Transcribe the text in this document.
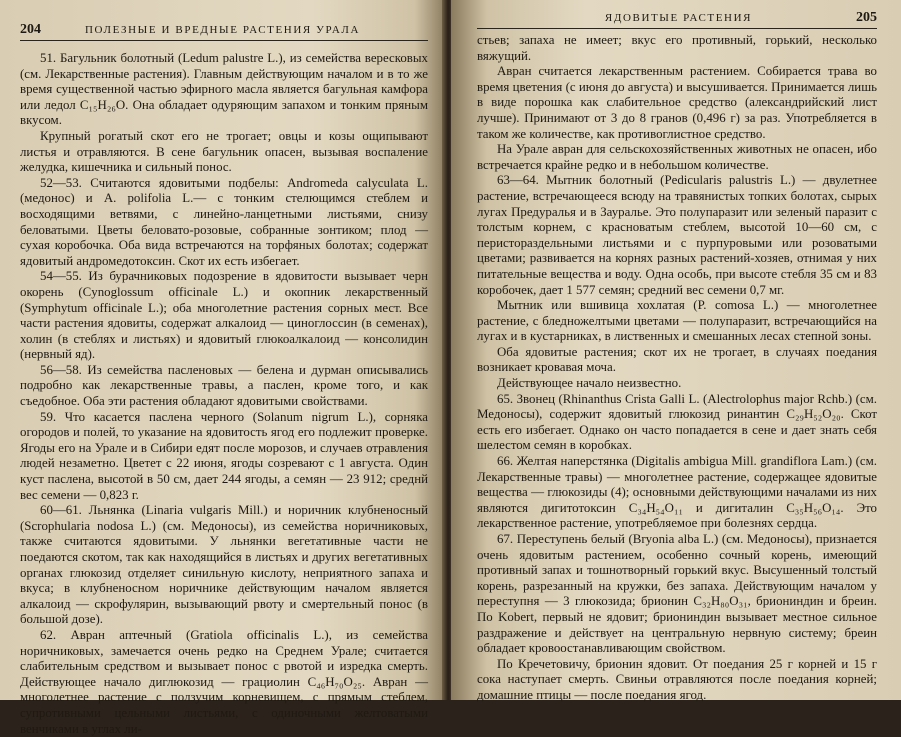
204	ПОЛЕЗНЫЕ И ВРЕДНЫЕ РАСТЕНИЯ УРАЛА

51. Багульник болотный (Ledum palustre L.), из семейства вересковых (см. Лекарственные растения). Главным действующим началом и в то же время существенной частью эфирного масла является багульная камфора или ледол C₁₅H₂₆O. Она обладает одуряющим запахом и тонким пряным вкусом.

Крупный рогатый скот его не трогает; овцы и козы ощипывают листья и отравляются. В сене багульник опасен, вызывая воспаление желудка, кишечника и сильный понос.

52—53. Считаются ядовитыми подбелы: Andromeda calyculata L. (медонос) и A. polifolia L.— с тонким стелющимся стеблем и восходящими ветвями, с линейно-ланцетными листьями, снизу беловатыми. Цветы беловато-розовые, собранные зонтиком; плод — сухая коробочка. Оба вида встречаются на торфяных болотах; содержат ядовитый андромедотоксин. Скот их есть избегает.

54—55. Из бурачниковых подозрение в ядовитости вызывает черн окорень (Cynoglossum officinale L.) и окопник лекарственный (Symphytum officinale L.); оба многолетние растения сорных мест. Все части растения ядовиты, содержат алкалоид — циноглоссин (в семенах), холин (в стеблях и листьях) и ядовитый глюкоалкалоид — консолидин (нервный яд).

56—58. Из семейства пасленовых — белена и дурман описывались подробно как лекарственные травы, а паслен, кроме того, и как съедобное. Оба эти растения обладают ядовитыми свойствами.

59. Что касается паслена черного (Solanum nigrum L.), сорняка огородов и полей, то указание на ядовитость ягод его подлежит проверке. Ягоды его на Урале и в Сибири едят после морозов, и случаев отравления людей незаметно. Цветет с 22 июня, ягоды созревают с 1 августа. Один куст паслена, высотой в 50 см, дает 244 ягоды, а семян — 23 912; среднй вес семени — 0,823 г.

60—61. Льнянка (Linaria vulgaris Mill.) и норичник клубненосный (Scrophularia nodosa L.) (см. Медоносы), из семейства норичниковых, также считаются ядовитыми. У льнянки вегетативные части не поедаются скотом, так как находящийся в листьях и других вегетативных органах глюкозид отделяет синильную кислоту, неприятного запаха и вкуса; в клубненосном норичнике действующим началом является алкалоид — скрофулярин, вызывающий рвоту и смертельный понос (в большой дозе).

62. Авран аптечный (Gratiola officinalis L.), из семейства норичниковых, замечается очень редко на Среднем Урале; считается слабительным средством и вызывает понос с рвотой и изредка смерть. Действующее начало диглюкозид — грациолин C₄₆H₇₀O₂₅. Авран — многолетнее растение с ползучим корневищем, с прямым стеблем, супротивными цельными листьями, с одиночными желтоватыми венчиками в углах ли-

ЯДОВИТЫЕ РАСТЕНИЯ	205

стьев; запаха не имеет; вкус его противный, горький, несколько вяжущий.

Авран считается лекарственным растением. Собирается трава во время цветения (с июня до августа) и высушивается. Принимается лишь в виде порошка как слабительное средство (александрийский лист лучше). Принимают от 3 до 8 гранов (0,496 г) за раз. Употребляется в таком же количестве, как противоглистное средство.

На Урале авран для сельскохозяйственных животных не опасен, ибо встречается крайне редко и в небольшом количестве.

63—64. Мытник болотный (Pedicularis palustris L.) — двулетнее растение, встречающееся всюду на травянистых топких болотах, сырых лугах Предуралья и в Зауралье. Это полупаразит или зеленый паразит с толстым корнем, с красноватым стеблем, высотой 10—60 см, с перистораздельными листьями и с пурпуровыми или розоватыми цветами; развивается на корнях разных растений-хозяев, отнимая у них питательные вещества и воду. Одна особь, при высоте стебля 35 см и 83 коробочек, дает 1 577 семян; средний вес семени 0,7 мг.

Мытник или вшивица хохлатая (P. comosa L.) — многолетнее растение, с бледножелтыми цветами — полупаразит, встречающийся на лугах и в кустарниках, в лиственных и смешанных лесах степной зоны.

Оба ядовитые растения; скот их не трогает, в случаях поедания возникает кровавая моча.

Действующее начало неизвестно.

65. Звонец (Rhinanthus Crista Galli L. (Alectrolophus major Rchb.) (см. Медоносы), содержит ядовитый глюкозид ринантин C₂₉H₅₂O₂₀. Скот есть его избегает. Однако он часто попадается в сене и дает знать себя шелестом семян в коробках.

66. Желтая наперстянка (Digitalis ambigua Mill. grandiflora Lam.) (см. Лекарственные травы) — многолетнее растение, содержащее ядовитые вещества — глюкозиды (4); основными действующими началами из них являются дигитотоксин C₃₄H₅₄O₁₁ и дигиталин C₃₅H₅₆O₁₄. Это лекарственное растение, употребляемое при болезнях сердца.

67. Переступень белый (Bryonia alba L.) (см. Медоносы), признается очень ядовитым растением, особенно сочный корень, имеющий противный запах и тошнотворный горький вкус. Высушенный толстый корень, разрезанный на кружки, без запаха. Действующим началом у переступня — 3 глюкозида; брионин C₃₂H₈₀O₃₁, бриониндин и бреин. По Kobert, первый не ядовит; бриониндин вызывает местное сильное раздражение и действует на центральную нервную систему; бреин обладает кровоостанавливающим свойством.

По Кречетовичу, брионин ядовит. От поедания 25 г корней и 15 г сока наступает смерть. Свиньи отравляются после поедания корней; домашние птицы — после поедания ягод.
